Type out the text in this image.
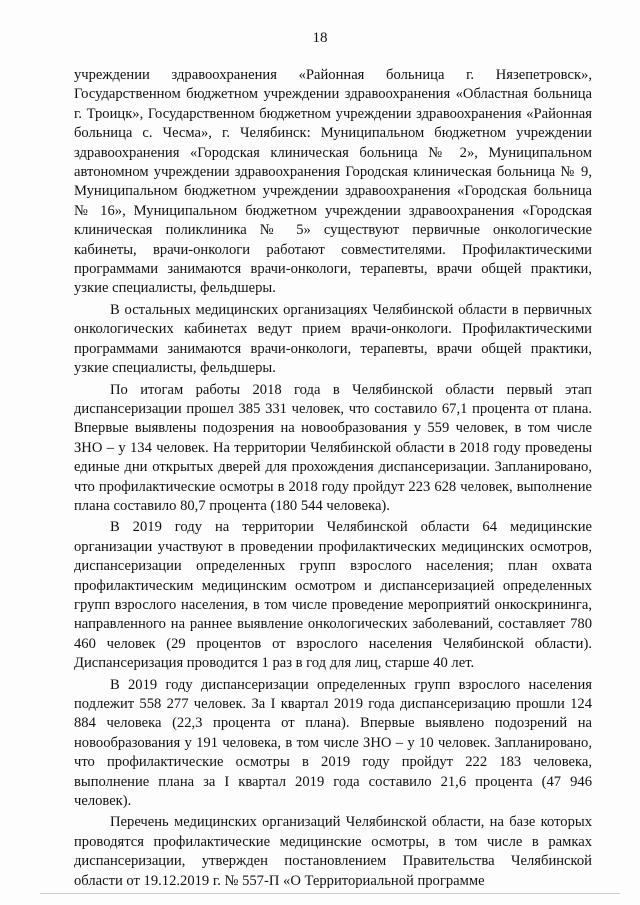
18

учреждении здравоохранения «Районная больница г. Нязепетровск», Государственном бюджетном учреждении здравоохранения «Областная больница г. Троицк», Государственном бюджетном учреждении здравоохранения «Районная больница с. Чесма», г. Челябинск: Муниципальном бюджетном учреждении здравоохранения «Городская клиническая больница № 2», Муниципальном автономном учреждении здравоохранения Городская клиническая больница № 9, Муниципальном бюджетном учреждении здравоохранения «Городская больница № 16», Муниципальном бюджетном учреждении здравоохранения «Городская клиническая поликлиника № 5» существуют первичные онкологические кабинеты, врачи-онкологи работают совместителями. Профилактическими программами занимаются врачи-онкологи, терапевты, врачи общей практики, узкие специалисты, фельдшеры.

В остальных медицинских организациях Челябинской области в первичных онкологических кабинетах ведут прием врачи-онкологи. Профилактическими программами занимаются врачи-онкологи, терапевты, врачи общей практики, узкие специалисты, фельдшеры.

По итогам работы 2018 года в Челябинской области первый этап диспансеризации прошел 385 331 человек, что составило 67,1 процента от плана. Впервые выявлены подозрения на новообразования у 559 человек, в том числе ЗНО – у 134 человек. На территории Челябинской области в 2018 году проведены единые дни открытых дверей для прохождения диспансеризации. Запланировано, что профилактические осмотры в 2018 году пройдут 223 628 человек, выполнение плана составило 80,7 процента (180 544 человека).

В 2019 году на территории Челябинской области 64 медицинские организации участвуют в проведении профилактических медицинских осмотров, диспансеризации определенных групп взрослого населения; план охвата профилактическим медицинским осмотром и диспансеризацией определенных групп взрослого населения, в том числе проведение мероприятий онкоскрининга, направленного на раннее выявление онкологических заболеваний, составляет 780 460 человек (29 процентов от взрослого населения Челябинской области). Диспансеризация проводится 1 раз в год для лиц, старше 40 лет.

В 2019 году диспансеризации определенных групп взрослого населения подлежит 558 277 человек. За I квартал 2019 года диспансеризацию прошли 124 884 человека (22,3 процента от плана). Впервые выявлено подозрений на новообразования у 191 человека, в том числе ЗНО – у 10 человек. Запланировано, что профилактические осмотры в 2019 году пройдут 222 183 человека, выполнение плана за I квартал 2019 года составило 21,6 процента (47 946 человек).

Перечень медицинских организаций Челябинской области, на базе которых проводятся профилактические медицинские осмотры, в том числе в рамках диспансеризации, утвержден постановлением Правительства Челябинской области от 19.12.2019 г. № 557-П «О Территориальной программе
